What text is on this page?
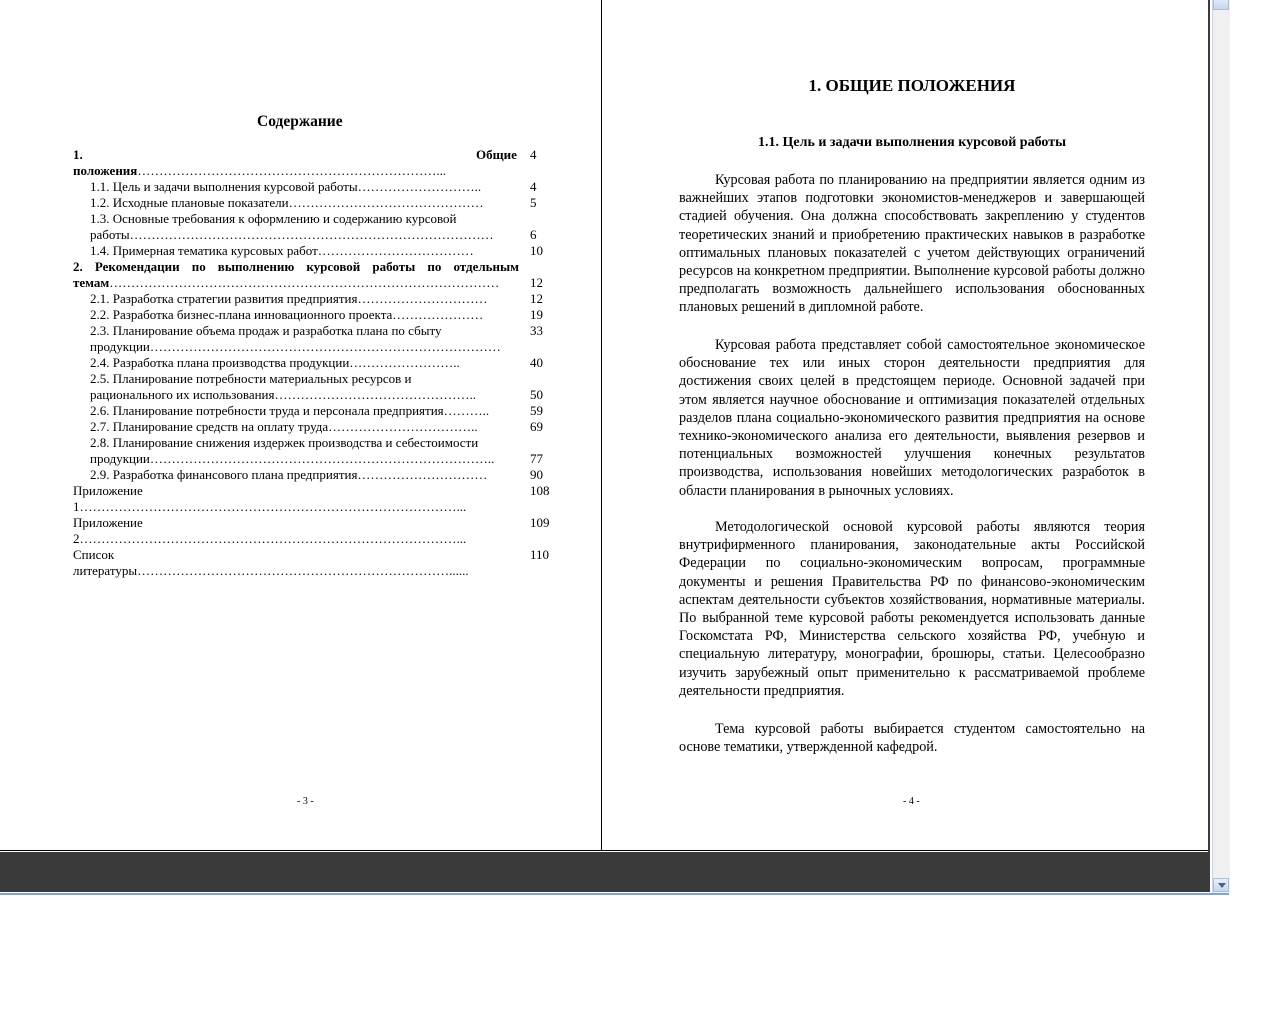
Содержание
1.	Общие
положения……………………………………………………………...
1.1. Цель и задачи выполнения курсовой работы………………………..
1.2. Исходные плановые показатели………………………………………
1.3. Основные требования к оформлению и содержанию курсовой
работы…………………………………………………………………………
1.4. Примерная тематика курсовых работ………………………………
2. Рекомендации по выполнению курсовой работы по отдельным
темам………………………………………………………………………………
2.1. Разработка стратегии развития предприятия…………………………
2.2. Разработка бизнес-плана инновационного проекта…………………
2.3. Планирование объема продаж и разработка плана по сбыту
продукции………………………………………………………………………
2.4. Разработка плана производства продукции……………………..
2.5. Планирование потребности материальных ресурсов и
рационального их использования………………………………………..
2.6. Планирование потребности труда и персонала предприятия………..
2.7. Планирование средств на оплату труда……………………………..
2.8. Планирование снижения издержек производства и себестоимости
продукции……………………………………………………………………..
2.9. Разработка финансового плана предприятия…………………………
Приложение
1……………………………………………………………………………...
Приложение
2……………………………………………………………………………...
Список
литературы………………………………………………………………......
4
4
5
6
10
12
12
19
33
40
50
59
69
77
90
108
109
110
- 3 -
1. ОБЩИЕ ПОЛОЖЕНИЯ
1.1. Цель и задачи выполнения курсовой работы
Курсовая работа по планированию на предприятии является одним из важнейших этапов подготовки экономистов-менеджеров и завершающей стадией обучения. Она должна способствовать закреплению у студентов теоретических знаний и приобретению практических навыков в разработке оптимальных плановых показателей с учетом действующих ограничений ресурсов на конкретном предприятии. Выполнение курсовой работы должно предполагать возможность дальнейшего использования обоснованных плановых решений в дипломной работе.
Курсовая работа представляет собой самостоятельное экономическое обоснование тех или иных сторон деятельности предприятия для достижения своих целей в предстоящем периоде. Основной задачей при этом является научное обоснование и оптимизация показателей отдельных разделов плана социально-экономического развития предприятия на основе технико-экономического анализа его деятельности, выявления резервов и потенциальных возможностей улучшения конечных результатов производства, использования новейших методологических разработок в области планирования в рыночных условиях.
Методологической основой курсовой работы являются теория внутрифирменного планирования, законодательные акты Российской Федерации по социально-экономическим вопросам, программные документы и решения Правительства РФ по финансово-экономическим аспектам деятельности субъектов хозяйствования, нормативные материалы. По выбранной теме курсовой работы рекомендуется использовать данные Госкомстата РФ, Министерства сельского хозяйства РФ, учебную и специальную литературу, монографии, брошюры, статьи. Целесообразно изучить зарубежный опыт применительно к рассматриваемой проблеме деятельности предприятия.
Тема курсовой работы выбирается студентом самостоятельно на основе тематики, утвержденной кафедрой.
- 4 -
